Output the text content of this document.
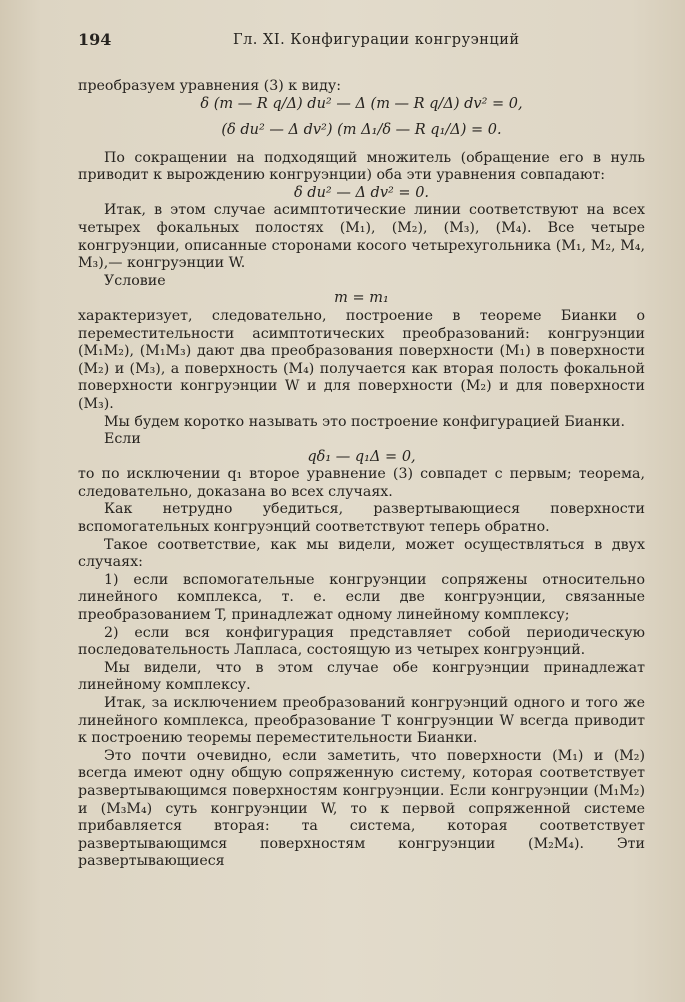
194	Гл. XI. Конфигурации конгруэнций

преобразуем уравнения (3) к виду:

δ (m — R q/Δ) du² — Δ (m — R q/Δ) dv² = 0,

(δ du² — Δ dv²) (m Δ₁/δ — R q₁/Δ) = 0.

По сокращении на подходящий множитель (обращение его в нуль приводит к вырождению конгруэнции) оба эти уравнения совпадают:

δ du² — Δ dv² = 0.

Итак, в этом случае асимптотические линии соответствуют на всех четырех фокальных полостях (M₁), (M₂), (M₃), (M₄). Все четыре конгруэнции, описанные сторонами косого четырехугольника (M₁, M₂, M₄, M₃),— конгруэнции W.

Условие

m = m₁

характеризует, следовательно, построение в теореме Бианки о переместительности асимптотических преобразований: конгруэнции (M₁M₂), (M₁M₃) дают два преобразования поверхности (M₁) в поверхности (M₂) и (M₃), а поверхность (M₄) получается как вторая полость фокальной поверхности конгруэнции W и для поверхности (M₂) и для поверхности (M₃).

Мы будем коротко называть это построение конфигурацией Бианки.

Если

qδ₁ — q₁Δ = 0,

то по исключении q₁ второе уравнение (3) совпадет с первым; теорема, следовательно, доказана во всех случаях.

Как нетрудно убедиться, развертывающиеся поверхности вспомогательных конгруэнций соответствуют теперь обратно.

Такое соответствие, как мы видели, может осуществляться в двух случаях:

1) если вспомогательные конгруэнции сопряжены относительно линейного комплекса, т. е. если две конгруэнции, связанные преобразованием T, принадлежат одному линейному комплексу;

2) если вся конфигурация представляет собой периодическую последовательность Лапласа, состоящую из четырех конгруэнций.

Мы видели, что в этом случае обе конгруэнции принадлежат линейному комплексу.

Итак, за исключением преобразований конгруэнций одного и того же линейного комплекса, преобразование T конгруэнции W всегда приводит к построению теоремы переместительности Бианки.

Это почти очевидно, если заметить, что поверхности (M₁) и (M₂) всегда имеют одну общую сопряженную систему, которая соответствует развертывающимся поверхностям конгруэнции. Если конгруэнции (M₁M₂) и (M₃M₄) суть конгруэнции W, то к первой сопряженной системе прибавляется вторая: та система, которая соответствует развертывающимся поверхностям конгруэнции (M₂M₄). Эти развертывающиеся
